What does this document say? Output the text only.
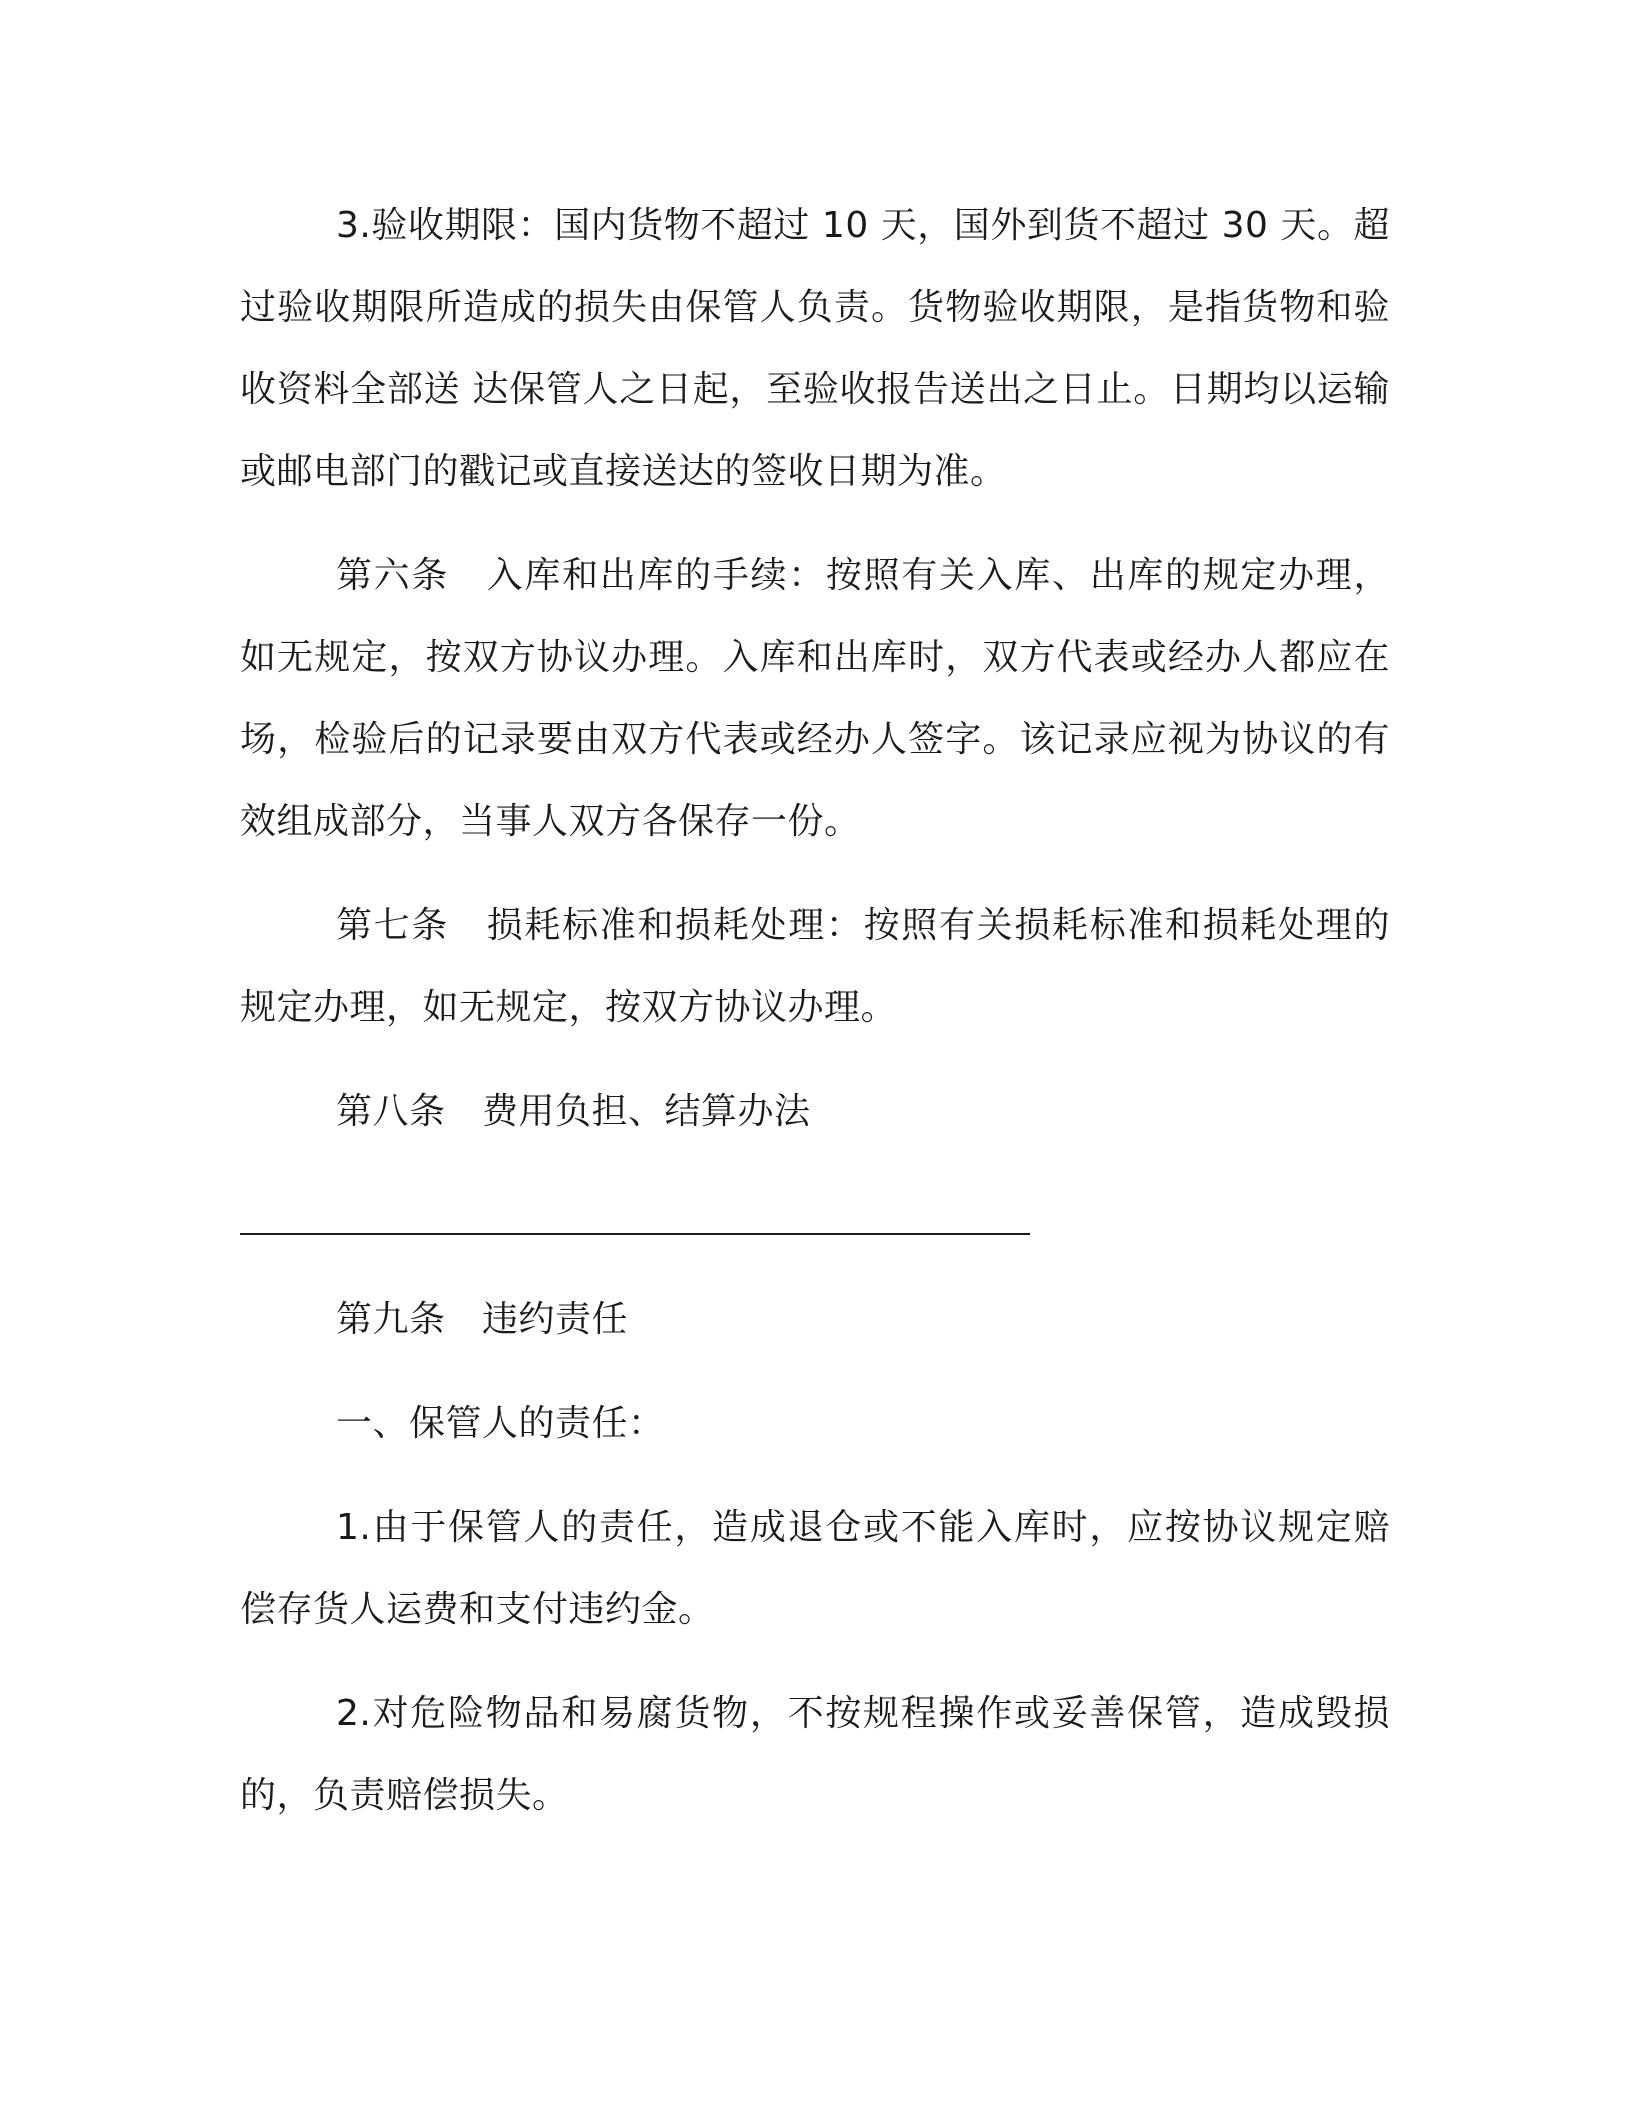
3.验收期限：国内货物不超过 10 天，国外到货不超过 30 天。超过验收期限所造成的损失由保管人负责。货物验收期限，是指货物和验收资料全部送 达保管人之日起，至验收报告送出之日止。日期均以运输或邮电部门的戳记或直接送达的签收日期为准。

第六条　入库和出库的手续：按照有关入库、出库的规定办理，如无规定，按双方协议办理。入库和出库时，双方代表或经办人都应在场，检验后的记录要由双方代表或经办人签字。该记录应视为协议的有效组成部分，当事人双方各保存一份。

第七条　损耗标准和损耗处理：按照有关损耗标准和损耗处理的规定办理，如无规定，按双方协议办理。

第八条　费用负担、结算办法

第九条　违约责任

一、保管人的责任：

1.由于保管人的责任，造成退仓或不能入库时，应按协议规定赔偿存货人运费和支付违约金。

2.对危险物品和易腐货物，不按规程操作或妥善保管，造成毁损的，负责赔偿损失。
